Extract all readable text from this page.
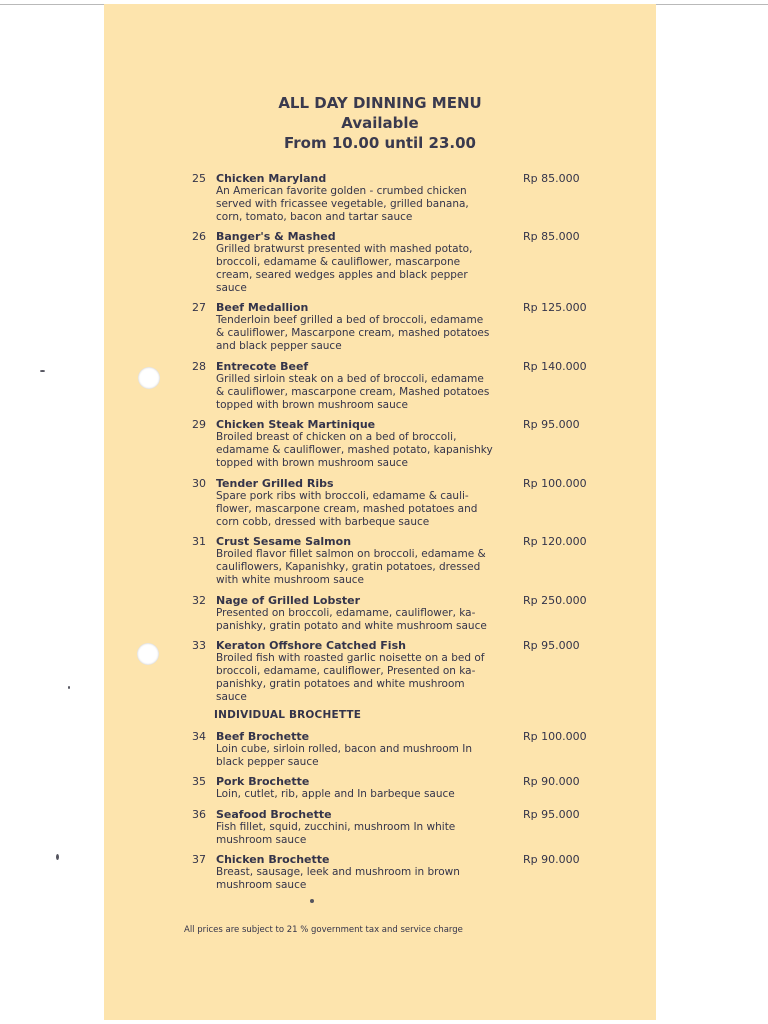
ALL DAY DINNING MENU
Available
From 10.00 until 23.00
25 Chicken Maryland	Rp 85.000
An American favorite golden - crumbed chicken
served with fricassee vegetable, grilled banana,
corn, tomato, bacon and tartar sauce
26 Banger's & Mashed	Rp 85.000
Grilled bratwurst presented with mashed potato,
broccoli, edamame & cauliflower, mascarpone
cream, seared wedges apples and black pepper
sauce
27 Beef Medallion	Rp 125.000
Tenderloin beef grilled a bed of broccoli, edamame
& cauliflower, Mascarpone cream, mashed potatoes
and black pepper sauce
28 Entrecote Beef	Rp 140.000
Grilled sirloin steak on a bed of broccoli, edamame
& cauliflower, mascarpone cream, Mashed potatoes
topped with brown mushroom sauce
29 Chicken Steak Martinique	Rp 95.000
Broiled breast of chicken on a bed of broccoli,
edamame & cauliflower, mashed potato, kapanishky
topped with brown mushroom sauce
30 Tender Grilled Ribs	Rp 100.000
Spare pork ribs with broccoli, edamame & cauli-
flower, mascarpone cream, mashed potatoes and
corn cobb, dressed with barbeque sauce
31 Crust Sesame Salmon	Rp 120.000
Broiled flavor fillet salmon on broccoli, edamame &
cauliflowers, Kapanishky, gratin potatoes, dressed
with white mushroom sauce
32 Nage of Grilled Lobster	Rp 250.000
Presented on broccoli, edamame, cauliflower, ka-
panishky, gratin potato and white mushroom sauce
33 Keraton Offshore Catched Fish	Rp 95.000
Broiled fish with roasted garlic noisette on a bed of
broccoli, edamame, cauliflower, Presented on ka-
panishky, gratin potatoes and white mushroom
sauce
INDIVIDUAL BROCHETTE
34 Beef Brochette	Rp 100.000
Loin cube, sirloin rolled, bacon and mushroom In
black pepper sauce
35 Pork Brochette	Rp 90.000
Loin, cutlet, rib, apple and In barbeque sauce
36 Seafood Brochette	Rp 95.000
Fish fillet, squid, zucchini, mushroom In white
mushroom sauce
37 Chicken Brochette	Rp 90.000
Breast, sausage, leek and mushroom in brown
mushroom sauce
All prices are subject to 21 % government tax and service charge
